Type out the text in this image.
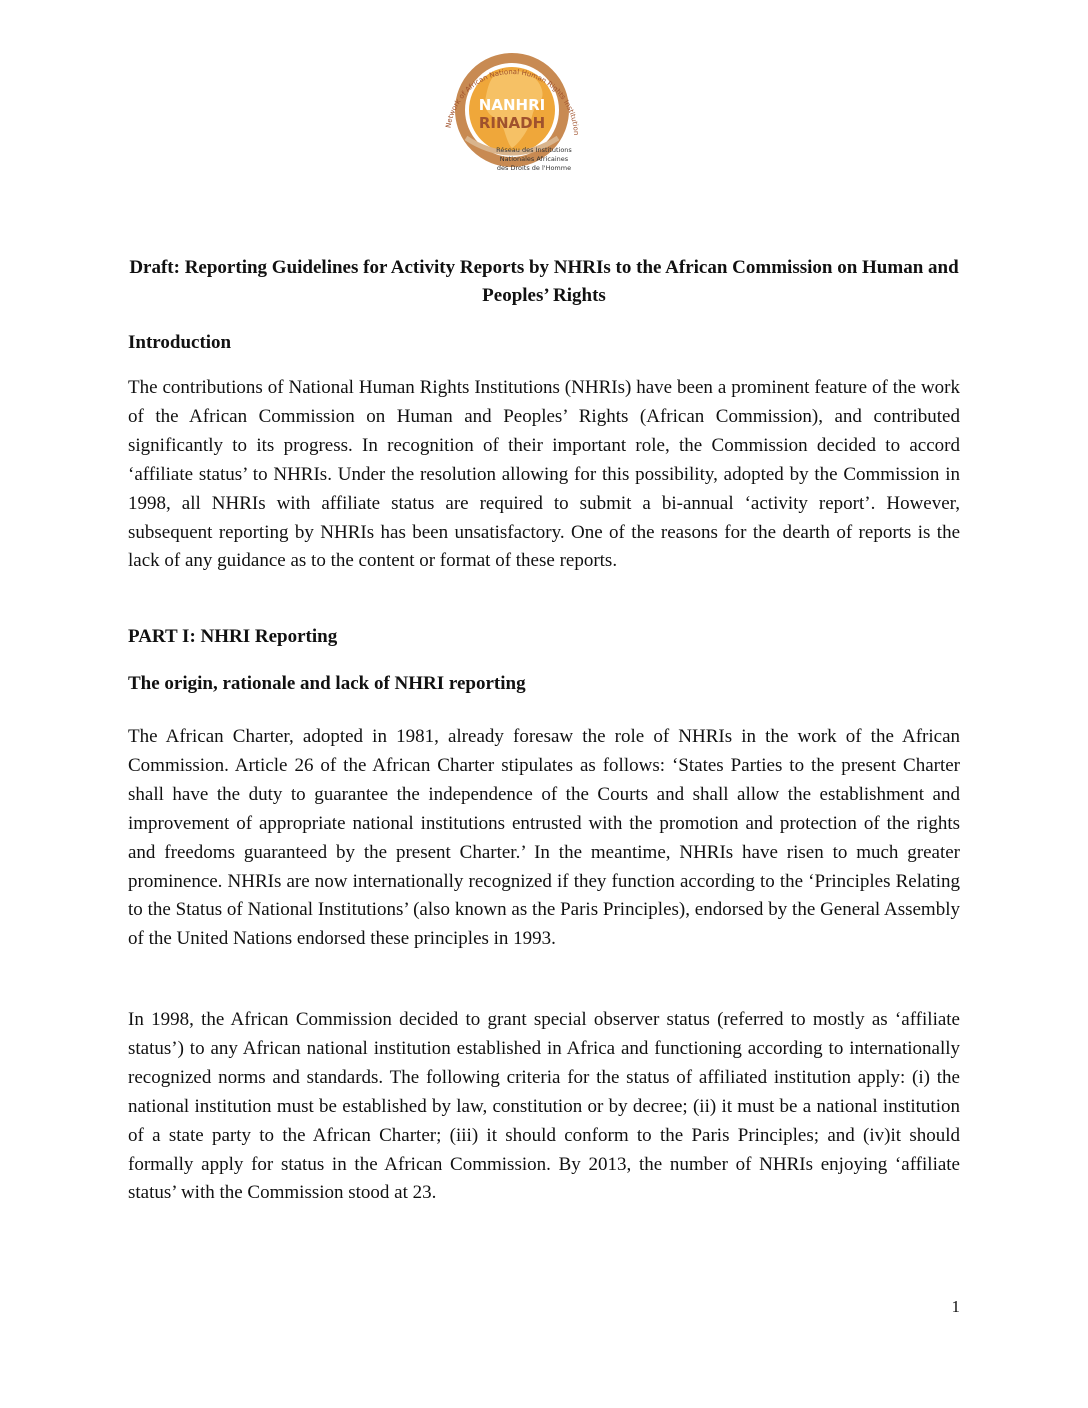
Network of African National Human Rights Institution
NANHRI
RINADH
Réseau des Institutions
Nationales Africaines
des Droits de l'Homme
Draft: Reporting Guidelines for Activity Reports by NHRIs to the African Commission on Human and Peoples’ Rights
Introduction
The contributions of National Human Rights Institutions (NHRIs) have been a prominent feature of the work of the African Commission on Human and Peoples’ Rights (African Commission), and contributed significantly to its progress. In recognition of their important role, the Commission decided to accord ‘affiliate status’ to NHRIs. Under the resolution allowing for this possibility, adopted by the Commission in 1998, all NHRIs with affiliate status are required to submit a bi-annual ‘activity report’. However, subsequent reporting by NHRIs has been unsatisfactory. One of the reasons for the dearth of reports is the lack of any guidance as to the content or format of these reports.
PART I: NHRI Reporting
The origin, rationale and lack of NHRI reporting
The African Charter, adopted in 1981, already foresaw the role of NHRIs in the work of the African Commission. Article 26 of the African Charter stipulates as follows: ‘States Parties to the present Charter shall have the duty to guarantee the independence of the Courts and shall allow the establishment and improvement of appropriate national institutions entrusted with the promotion and protection of the rights and freedoms guaranteed by the present Charter.’ In the meantime, NHRIs have risen to much greater prominence. NHRIs are now internationally recognized if they function according to the ‘Principles Relating to the Status of National Institutions’ (also known as the Paris Principles), endorsed by the General Assembly of the United Nations endorsed these principles in 1993.
In 1998, the African Commission decided to grant special observer status (referred to mostly as ‘affiliate status’) to any African national institution established in Africa and functioning according to internationally recognized norms and standards. The following criteria for the status of affiliated institution apply: (i) the national institution must be established by law, constitution or by decree; (ii) it must be a national institution of a state party to the African Charter; (iii) it should conform to the Paris Principles; and (iv)it should formally apply for status in the African Commission. By 2013, the number of NHRIs enjoying ‘affiliate status’ with the Commission stood at 23.
1
